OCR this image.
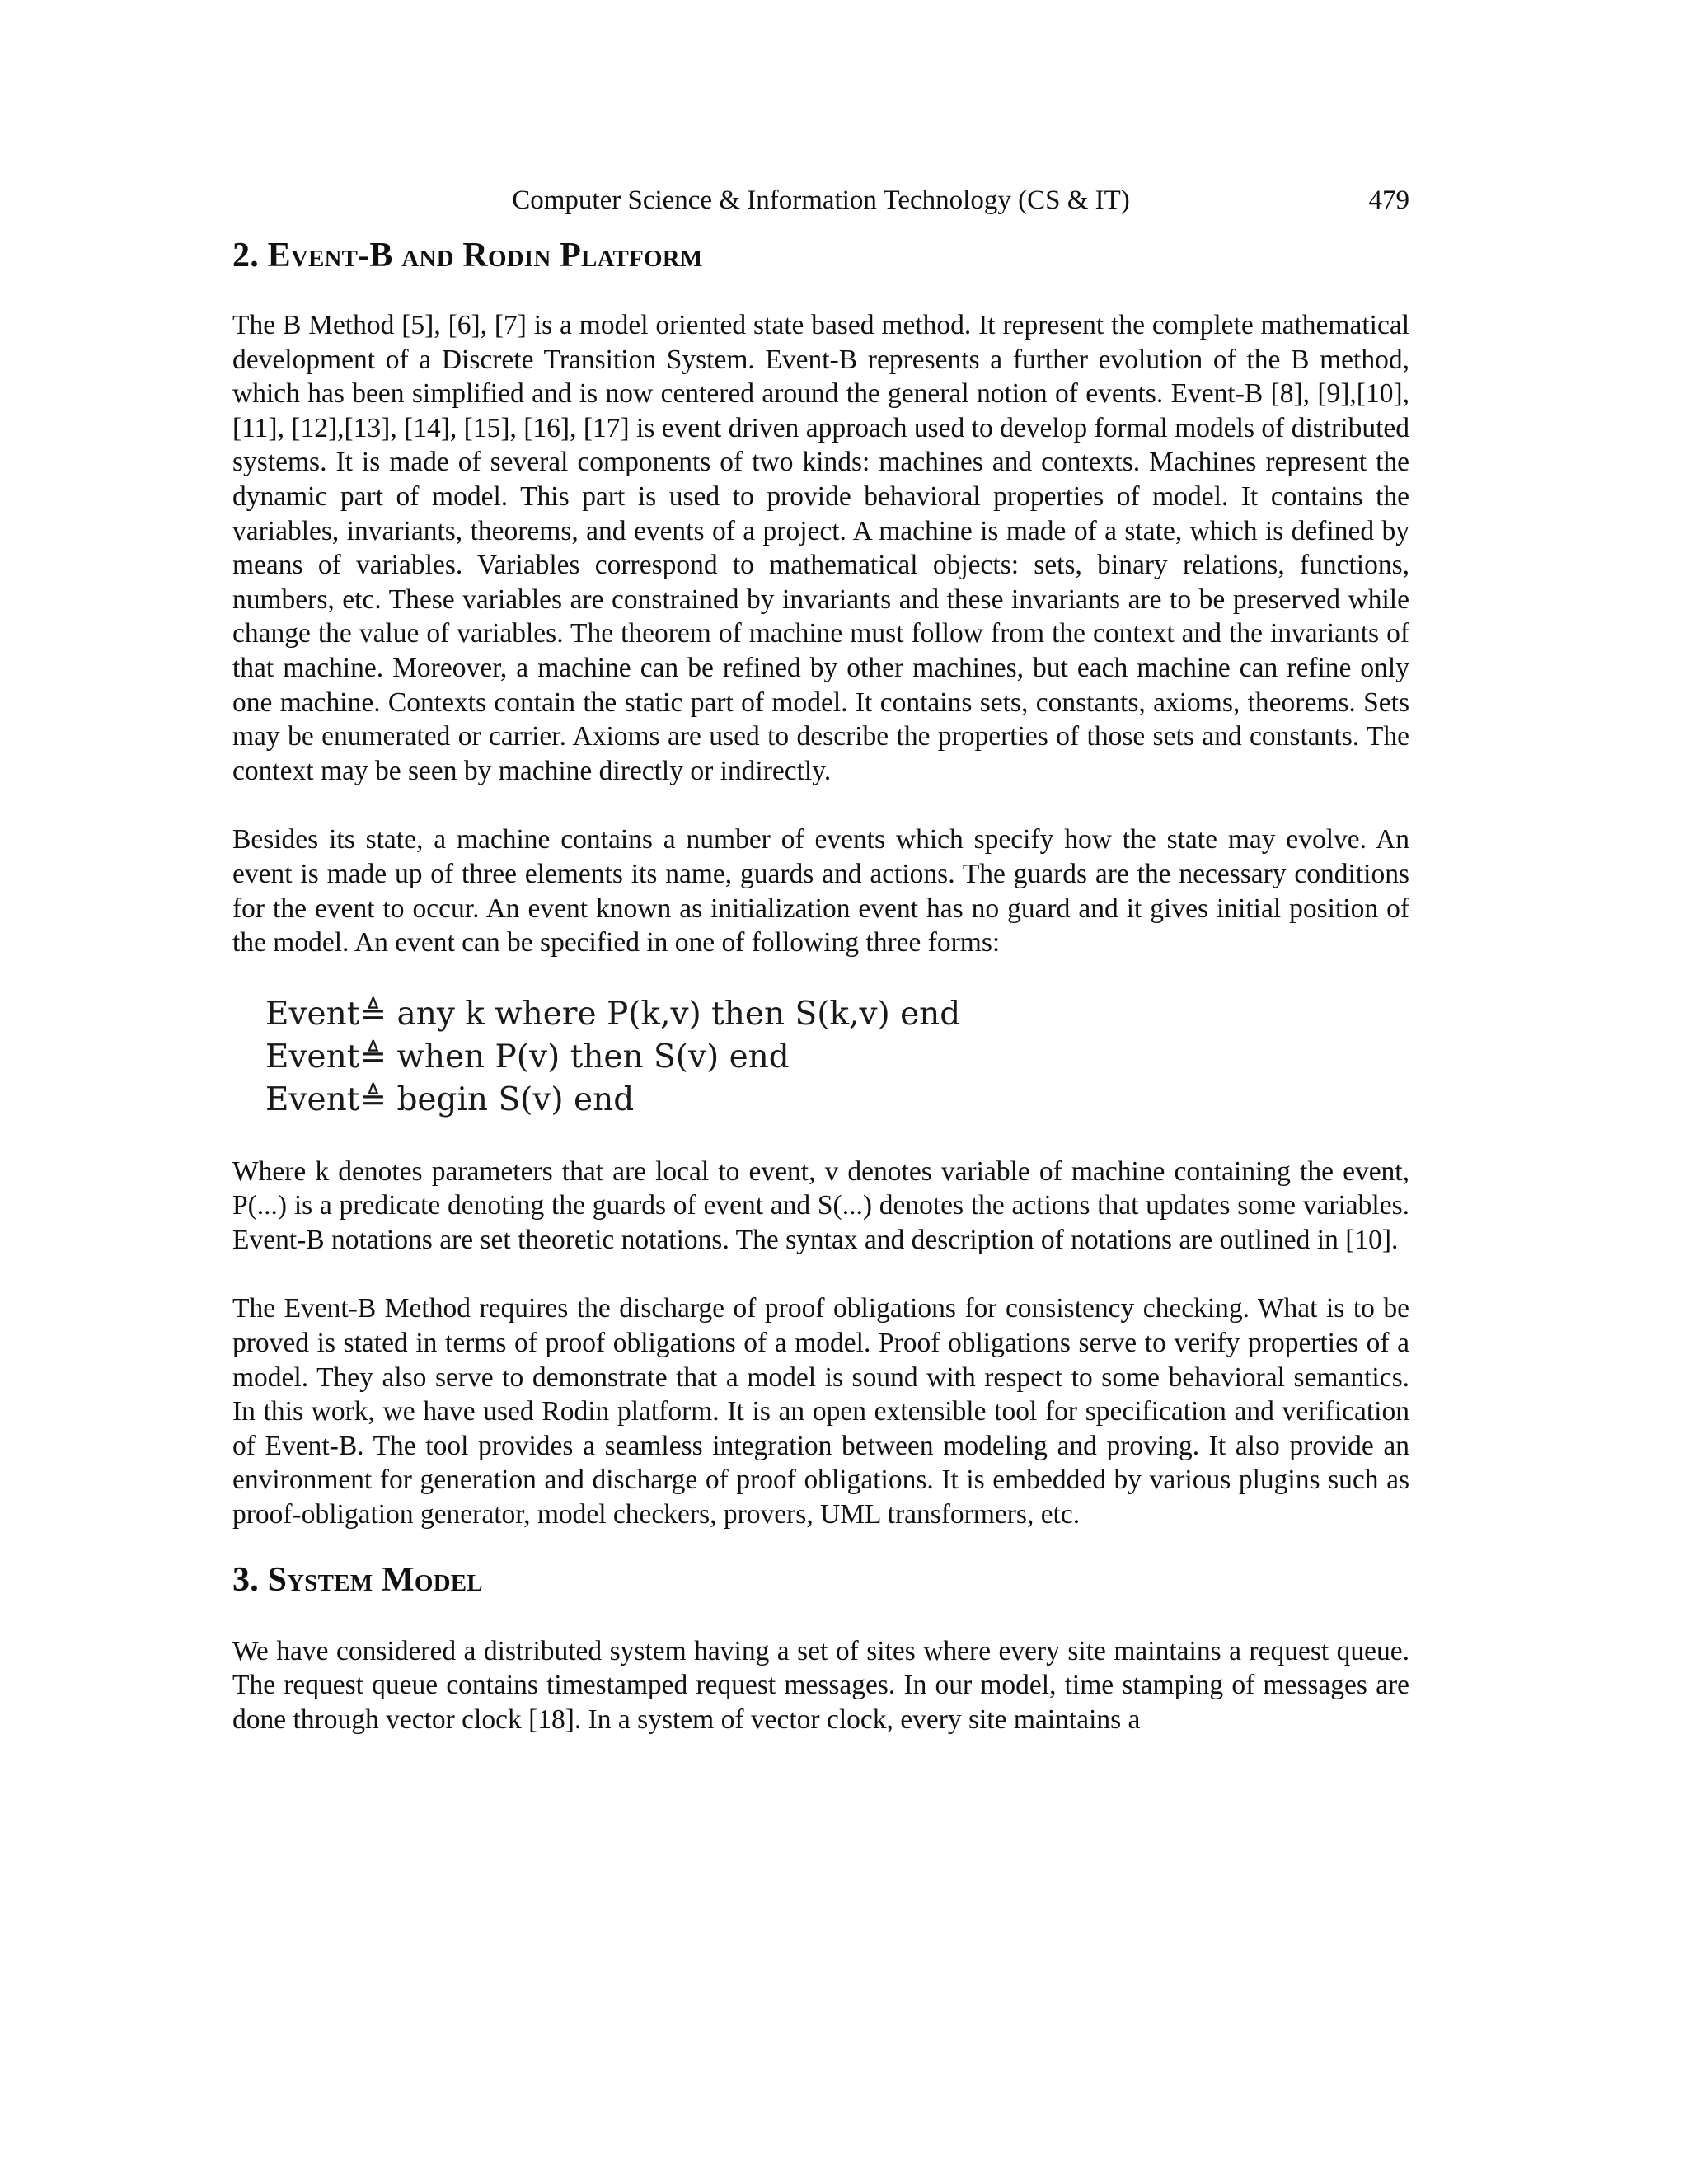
Computer Science & Information Technology (CS & IT)	479
2. Event-B and Rodin Platform

The B Method [5], [6], [7] is a model oriented state based method. It represent the complete mathematical development of a Discrete Transition System. Event-B represents a further evolution of the B method, which has been simplified and is now centered around the general notion of events. Event-B [8], [9],[10], [11], [12],[13], [14], [15], [16], [17] is event driven approach used to develop formal models of distributed systems. It is made of several components of two kinds: machines and contexts. Machines represent the dynamic part of model. This part is used to provide behavioral properties of model. It contains the variables, invariants, theorems, and events of a project. A machine is made of a state, which is defined by means of variables. Variables correspond to mathematical objects: sets, binary relations, functions, numbers, etc. These variables are constrained by invariants and these invariants are to be preserved while change the value of variables. The theorem of machine must follow from the context and the invariants of that machine. Moreover, a machine can be refined by other machines, but each machine can refine only one machine. Contexts contain the static part of model. It contains sets, constants, axioms, theorems. Sets may be enumerated or carrier. Axioms are used to describe the properties of those sets and constants. The context may be seen by machine directly or indirectly.

Besides its state, a machine contains a number of events which specify how the state may evolve. An event is made up of three elements its name, guards and actions. The guards are the necessary conditions for the event to occur. An event known as initialization event has no guard and it gives initial position of the model. An event can be specified in one of following three forms:

Event≜ any k where P(k,v) then S(k,v) end
Event≜ when P(v) then S(v) end
Event≜ begin S(v) end

Where k denotes parameters that are local to event, v denotes variable of machine containing the event, P(...) is a predicate denoting the guards of event and S(...) denotes the actions that updates some variables. Event-B notations are set theoretic notations. The syntax and description of notations are outlined in [10].

The Event-B Method requires the discharge of proof obligations for consistency checking. What is to be proved is stated in terms of proof obligations of a model. Proof obligations serve to verify properties of a model. They also serve to demonstrate that a model is sound with respect to some behavioral semantics. In this work, we have used Rodin platform. It is an open extensible tool for specification and verification of Event-B. The tool provides a seamless integration between modeling and proving. It also provide an environment for generation and discharge of proof obligations. It is embedded by various plugins such as proof-obligation generator, model checkers, provers, UML transformers, etc.

3. System Model

We have considered a distributed system having a set of sites where every site maintains a request queue. The request queue contains timestamped request messages. In our model, time stamping of messages are done through vector clock [18]. In a system of vector clock, every site maintains a
